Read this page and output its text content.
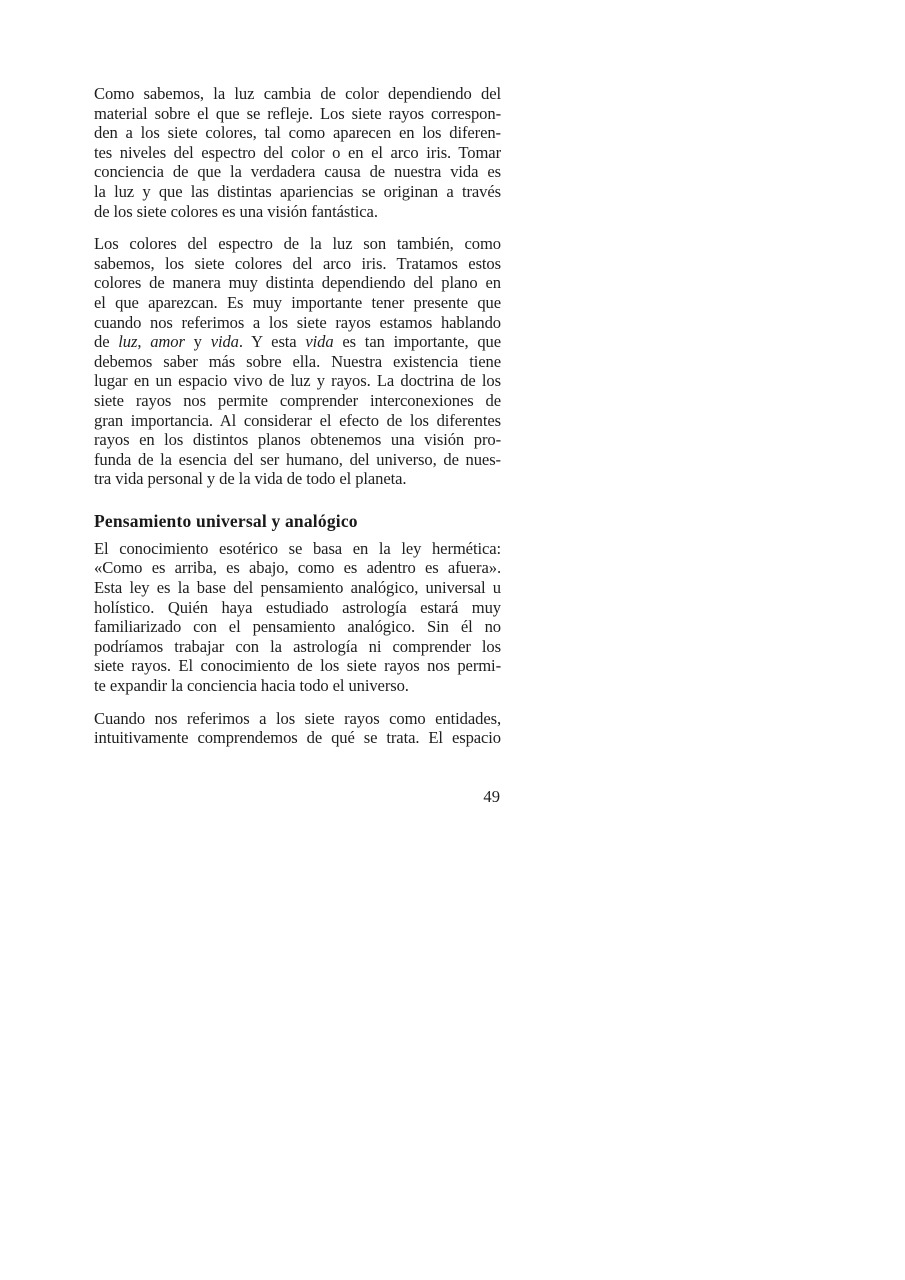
Como sabemos, la luz cambia de color dependiendo del
material sobre el que se refleje. Los siete rayos correspon-
den a los siete colores, tal como aparecen en los diferen-
tes niveles del espectro del color o en el arco iris. Tomar
conciencia de que la verdadera causa de nuestra vida es
la luz y que las distintas apariencias se originan a través
de los siete colores es una visión fantástica.
Los colores del espectro de la luz son también, como
sabemos, los siete colores del arco iris. Tratamos estos
colores de manera muy distinta dependiendo del plano en
el que aparezcan. Es muy importante tener presente que
cuando nos referimos a los siete rayos estamos hablando
de luz, amor y vida. Y esta vida es tan importante, que
debemos saber más sobre ella. Nuestra existencia tiene
lugar en un espacio vivo de luz y rayos. La doctrina de los
siete rayos nos permite comprender interconexiones de
gran importancia. Al considerar el efecto de los diferentes
rayos en los distintos planos obtenemos una visión pro-
funda de la esencia del ser humano, del universo, de nues-
tra vida personal y de la vida de todo el planeta.
Pensamiento universal y analógico
El conocimiento esotérico se basa en la ley hermética:
«Como es arriba, es abajo, como es adentro es afuera».
Esta ley es la base del pensamiento analógico, universal u
holístico. Quién haya estudiado astrología estará muy
familiarizado con el pensamiento analógico. Sin él no
podríamos trabajar con la astrología ni comprender los
siete rayos. El conocimiento de los siete rayos nos permi-
te expandir la conciencia hacia todo el universo.
Cuando nos referimos a los siete rayos como entidades,
intuitivamente comprendemos de qué se trata. El espacio
49
